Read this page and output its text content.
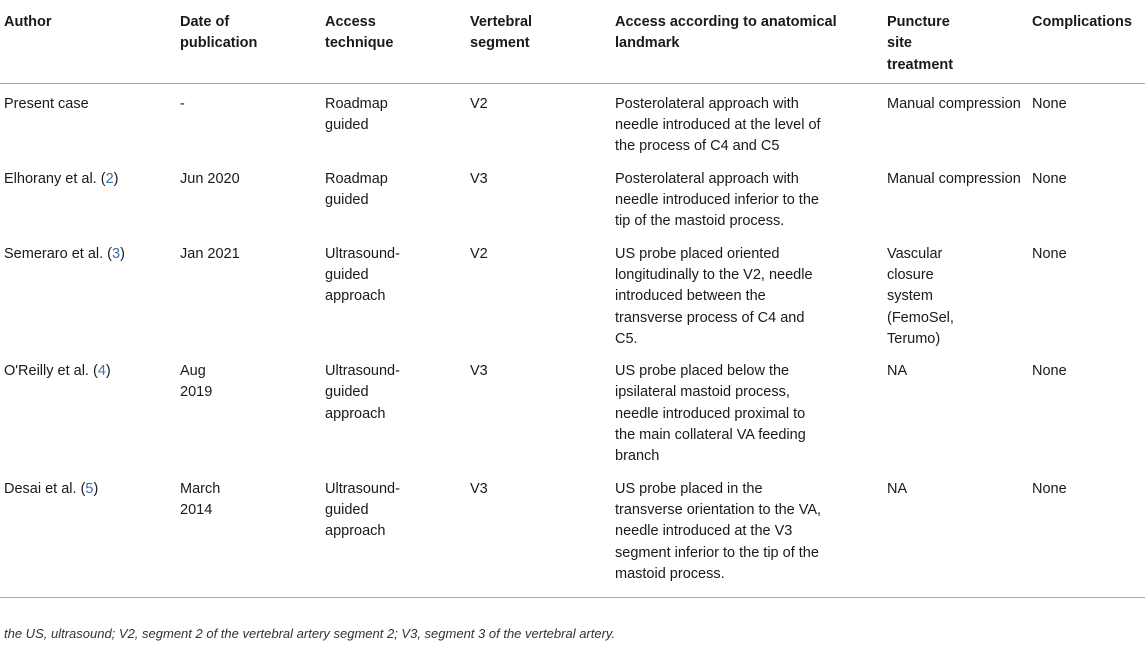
Author	Date of publication	Access technique	Vertebral segment	Access according to anatomical landmark	Puncture site treatment	Complications
Present case	-	Roadmap guided	V2	Posterolateral approach with needle introduced at the level of the process of C4 and C5	Manual compression	None
Elhorany et al. (2)	Jun 2020	Roadmap guided	V3	Posterolateral approach with needle introduced inferior to the tip of the mastoid process.	Manual compression	None
Semeraro et al. (3)	Jan 2021	Ultrasound-guided approach	V2	US probe placed oriented longitudinally to the V2, needle introduced between the transverse process of C4 and C5.	Vascular closure system (FemoSel, Terumo)	None
O'Reilly et al. (4)	Aug 2019	Ultrasound-guided approach	V3	US probe placed below the ipsilateral mastoid process, needle introduced proximal to the main collateral VA feeding branch	NA	None
Desai et al. (5)	March 2014	Ultrasound-guided approach	V3	US probe placed in the transverse orientation to the VA, needle introduced at the V3 segment inferior to the tip of the mastoid process.	NA	None
the US, ultrasound; V2, segment 2 of the vertebral artery segment 2; V3, segment 3 of the vertebral artery.
